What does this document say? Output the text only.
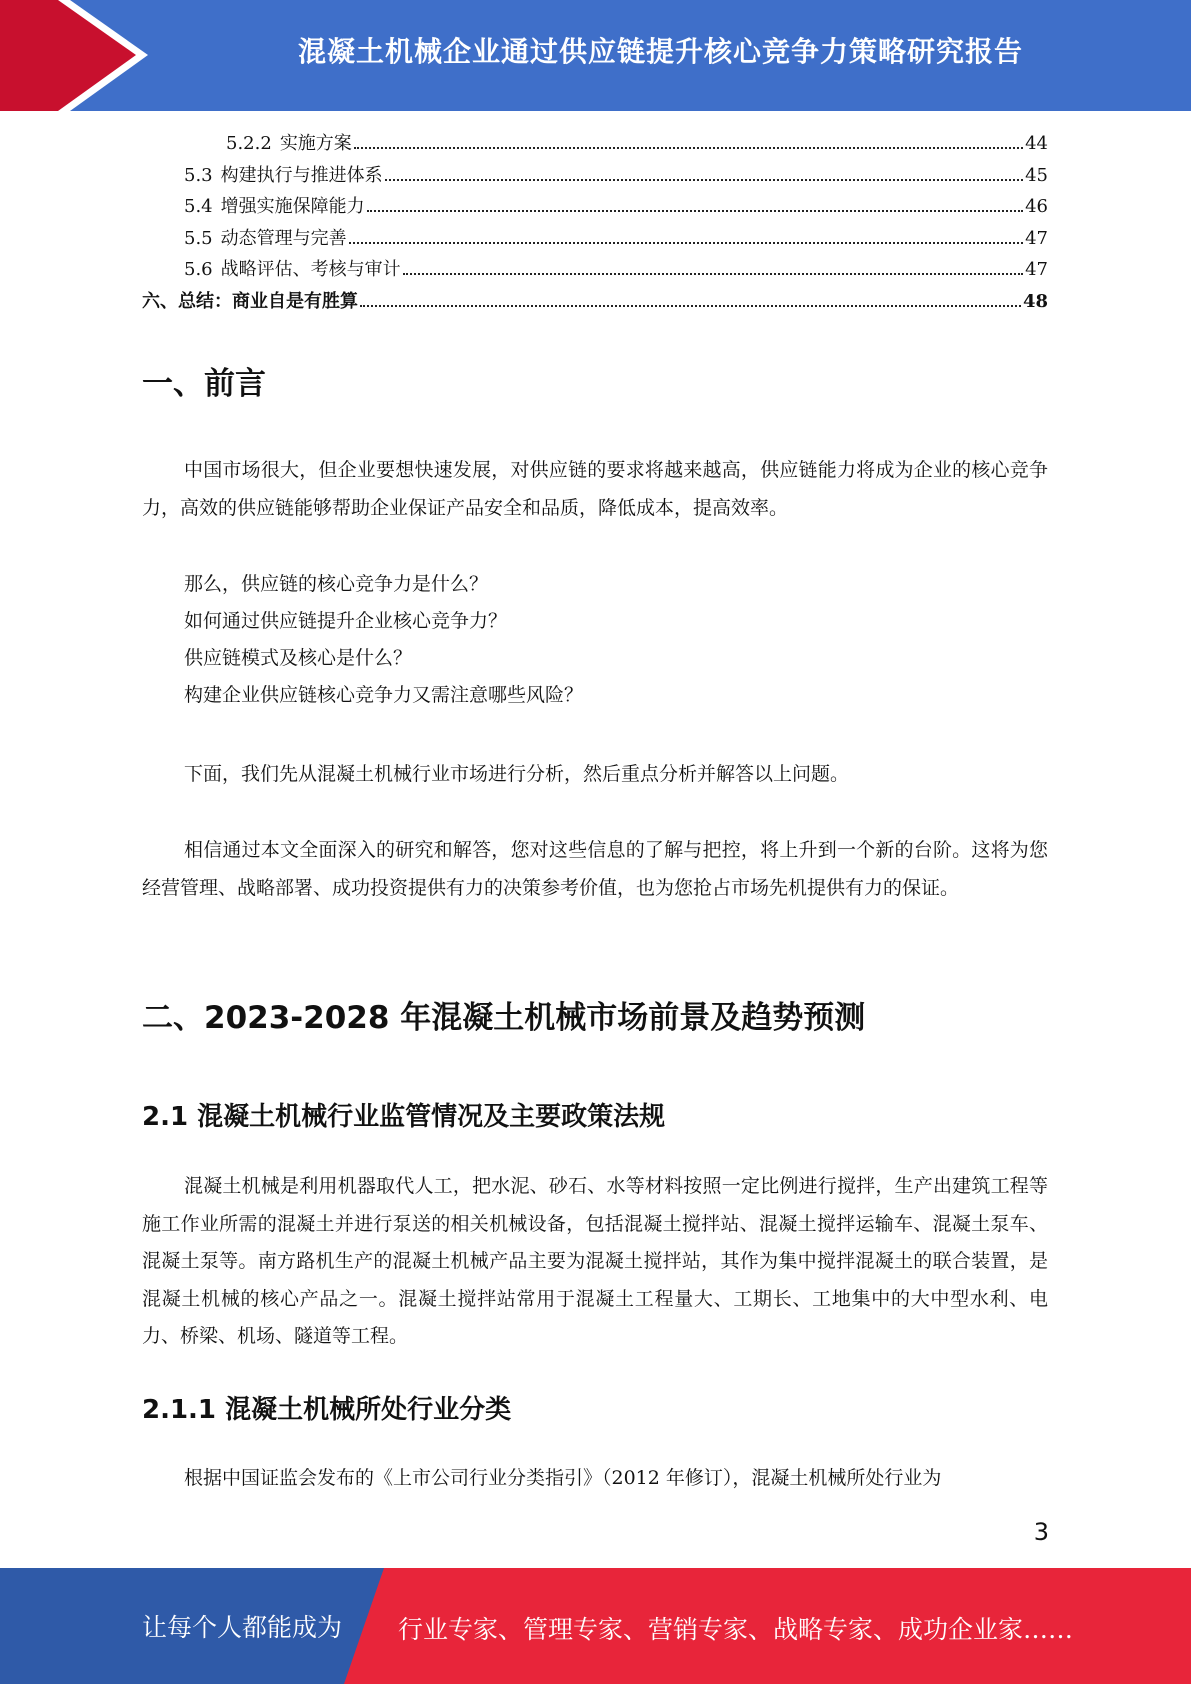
混凝土机械企业通过供应链提升核心竞争力策略研究报告
5.2.2 实施方案	44
5.3 构建执行与推进体系	45
5.4 增强实施保障能力	46
5.5 动态管理与完善	47
5.6 战略评估、考核与审计	47
六、总结：商业自是有胜算	48
一、前言
中国市场很大，但企业要想快速发展，对供应链的要求将越来越高，供应链能力将成为企业的核心竞争力，高效的供应链能够帮助企业保证产品安全和品质，降低成本，提高效率。
那么，供应链的核心竞争力是什么？
如何通过供应链提升企业核心竞争力？
供应链模式及核心是什么？
构建企业供应链核心竞争力又需注意哪些风险？
下面，我们先从混凝土机械行业市场进行分析，然后重点分析并解答以上问题。
相信通过本文全面深入的研究和解答，您对这些信息的了解与把控，将上升到一个新的台阶。这将为您经营管理、战略部署、成功投资提供有力的决策参考价值，也为您抢占市场先机提供有力的保证。
二、2023-2028 年混凝土机械市场前景及趋势预测
2.1 混凝土机械行业监管情况及主要政策法规
混凝土机械是利用机器取代人工，把水泥、砂石、水等材料按照一定比例进行搅拌，生产出建筑工程等施工作业所需的混凝土并进行泵送的相关机械设备，包括混凝土搅拌站、混凝土搅拌运输车、混凝土泵车、混凝土泵等。南方路机生产的混凝土机械产品主要为混凝土搅拌站，其作为集中搅拌混凝土的联合装置，是混凝土机械的核心产品之一。混凝土搅拌站常用于混凝土工程量大、工期长、工地集中的大中型水利、电力、桥梁、机场、隧道等工程。
2.1.1 混凝土机械所处行业分类
根据中国证监会发布的《上市公司行业分类指引》（2012 年修订），混凝土机械所处行业为
3
让每个人都能成为 行业专家、管理专家、营销专家、战略专家、成功企业家……
